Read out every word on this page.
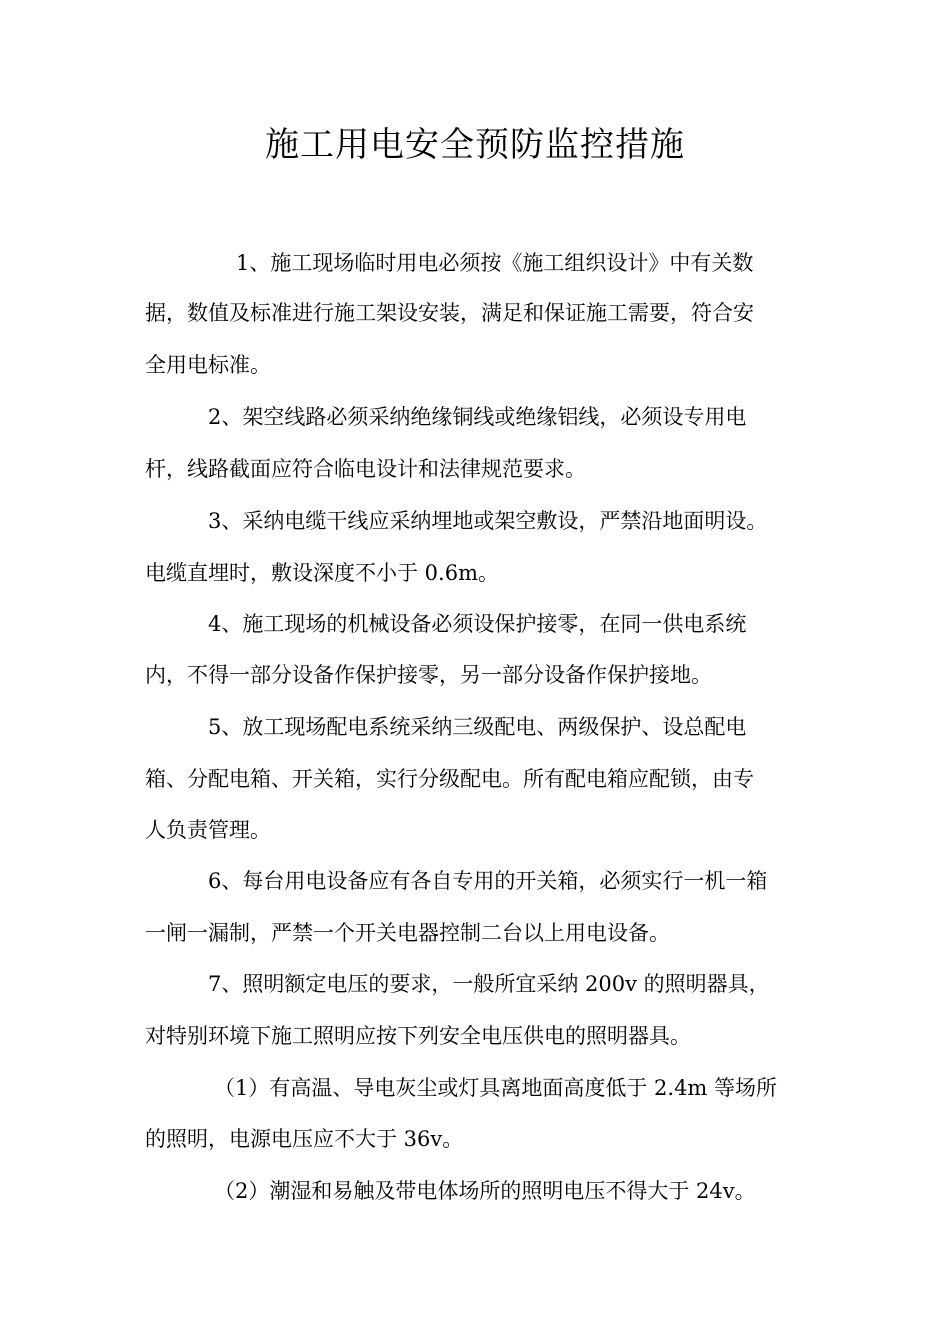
施工用电安全预防监控措施
1、施工现场临时用电必须按《施工组织设计》中有关数
据，数值及标准进行施工架设安装，满足和保证施工需要，符合安
全用电标准。
2、架空线路必须采纳绝缘铜线或绝缘铝线，必须设专用电
杆，线路截面应符合临电设计和法律规范要求。
3、采纳电缆干线应采纳埋地或架空敷设，严禁沿地面明设。
电缆直埋时，敷设深度不小于 0.6m。
4、施工现场的机械设备必须设保护接零，在同一供电系统
内，不得一部分设备作保护接零，另一部分设备作保护接地。
5、放工现场配电系统采纳三级配电、两级保护、设总配电
箱、分配电箱、开关箱，实行分级配电。所有配电箱应配锁，由专
人负责管理。
6、每台用电设备应有各自专用的开关箱，必须实行一机一箱
一闸一漏制，严禁一个开关电器控制二台以上用电设备。
7、照明额定电压的要求，一般所宜采纳 200v 的照明器具，
对特别环境下施工照明应按下列安全电压供电的照明器具。
（1）有高温、导电灰尘或灯具离地面高度低于 2.4m 等场所
的照明，电源电压应不大于 36v。
（2）潮湿和易触及带电体场所的照明电压不得大于 24v。
